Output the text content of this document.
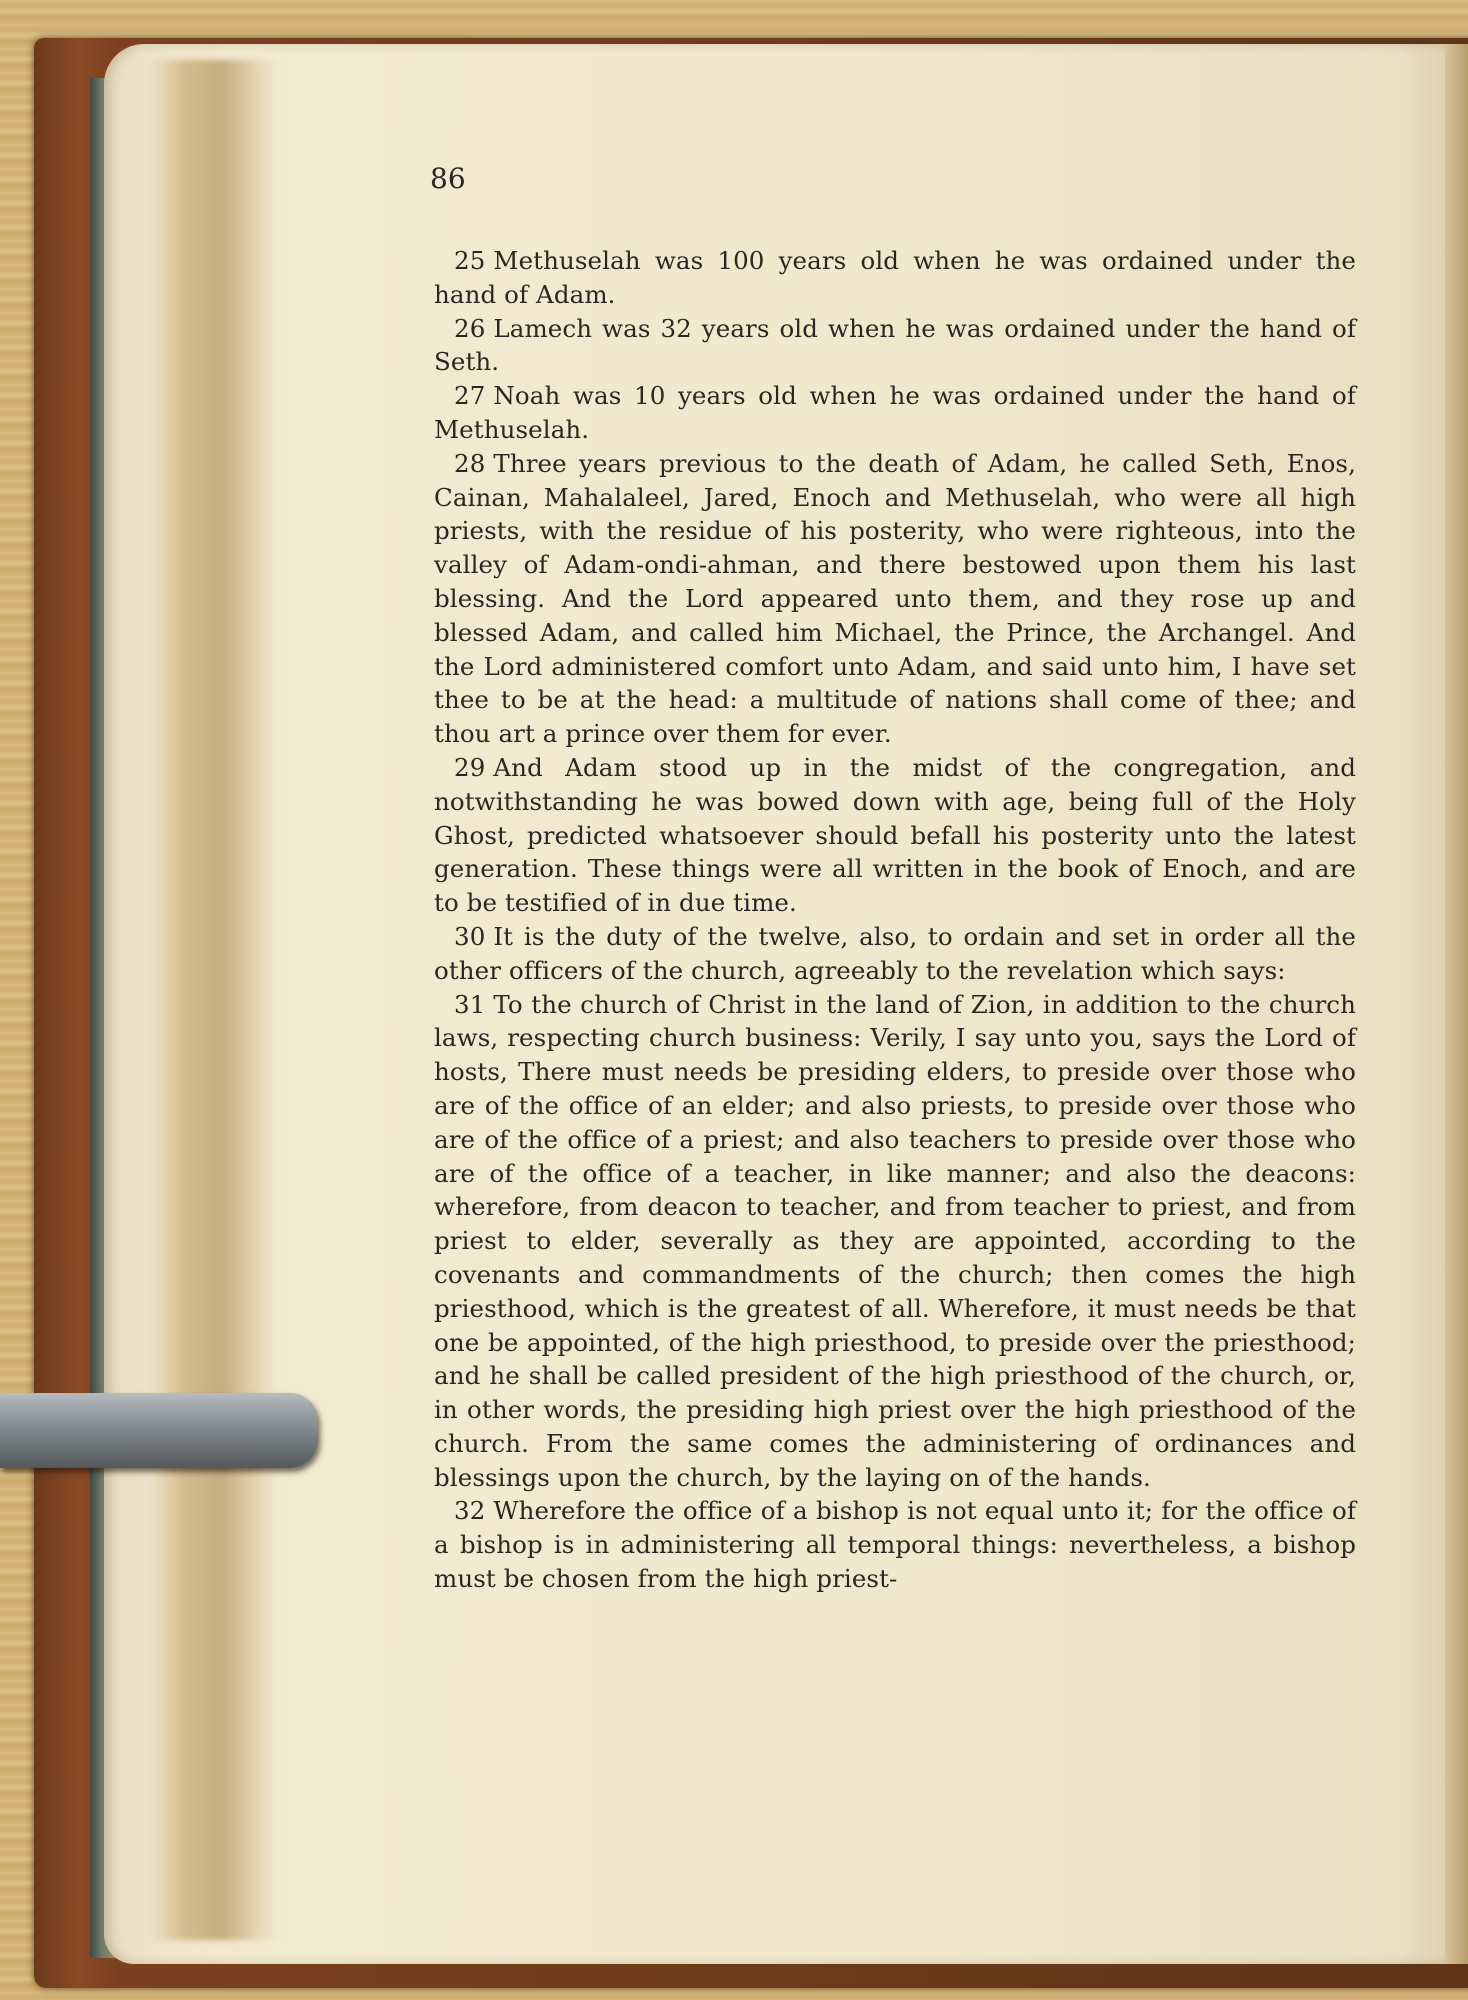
86

25 Methuselah was 100 years old when he was ordained under the hand of Adam.

26 Lamech was 32 years old when he was ordained under the hand of Seth.

27 Noah was 10 years old when he was ordained under the hand of Methuselah.

28 Three years previous to the death of Adam, he called Seth, Enos, Cainan, Mahalaleel, Jared, Enoch and Methuselah, who were all high priests, with the residue of his posterity, who were righteous, into the valley of Adam-ondi-ahman, and there bestowed upon them his last blessing. And the Lord appeared unto them, and they rose up and blessed Adam, and called him Michael, the Prince, the Archangel. And the Lord administered comfort unto Adam, and said unto him, I have set thee to be at the head: a multitude of nations shall come of thee; and thou art a prince over them for ever.

29 And Adam stood up in the midst of the congregation, and notwithstanding he was bowed down with age, being full of the Holy Ghost, predicted whatsoever should befall his posterity unto the latest generation. These things were all written in the book of Enoch, and are to be testified of in due time.

30 It is the duty of the twelve, also, to ordain and set in order all the other officers of the church, agreeably to the revelation which says:

31 To the church of Christ in the land of Zion, in addition to the church laws, respecting church business: Verily, I say unto you, says the Lord of hosts, There must needs be presiding elders, to preside over those who are of the office of an elder; and also priests, to preside over those who are of the office of a priest; and also teachers to preside over those who are of the office of a teacher, in like manner; and also the deacons: wherefore, from deacon to teacher, and from teacher to priest, and from priest to elder, severally as they are appointed, according to the covenants and commandments of the church; then comes the high priesthood, which is the greatest of all. Wherefore, it must needs be that one be appointed, of the high priesthood, to preside over the priesthood; and he shall be called president of the high priesthood of the church, or, in other words, the presiding high priest over the high priesthood of the church. From the same comes the administering of ordinances and blessings upon the church, by the laying on of the hands.

32 Wherefore the office of a bishop is not equal unto it; for the office of a bishop is in administering all temporal things: nevertheless, a bishop must be chosen from the high priest-
